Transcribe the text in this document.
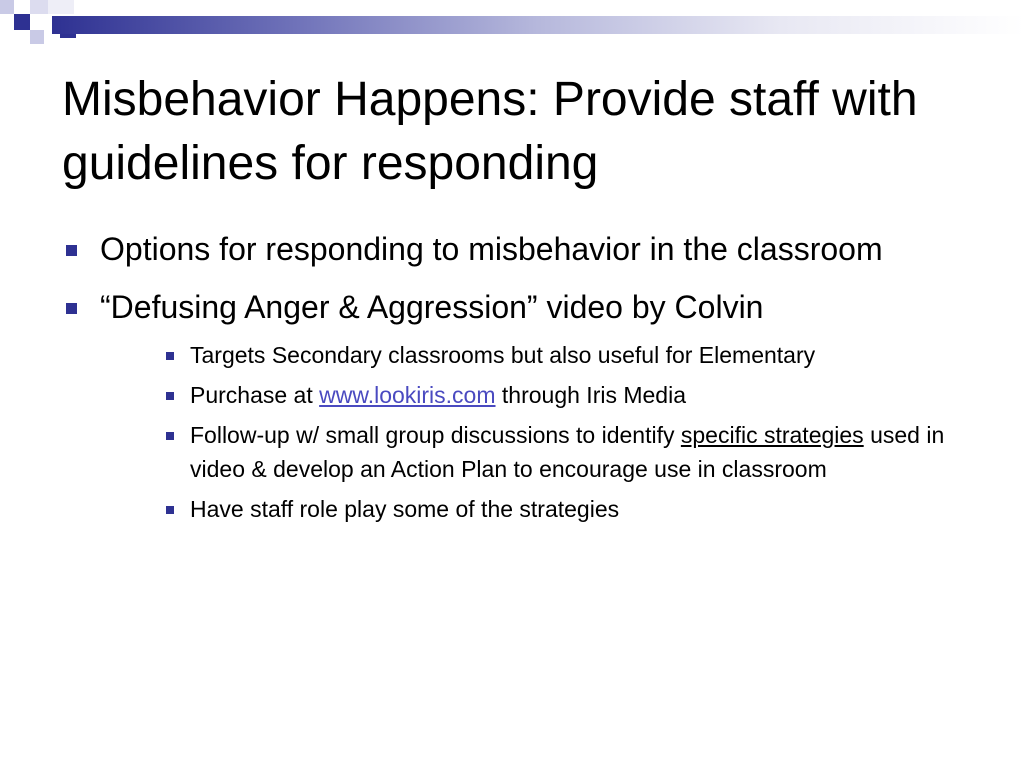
Misbehavior Happens: Provide staff with guidelines for responding
Options for responding to misbehavior in the classroom
“Defusing Anger & Aggression” video by Colvin
Targets Secondary classrooms but also useful for Elementary
Purchase at www.lookiris.com through Iris Media
Follow-up w/ small group discussions to identify specific strategies used in video & develop an Action Plan to encourage use in classroom
Have staff role play some of the strategies
